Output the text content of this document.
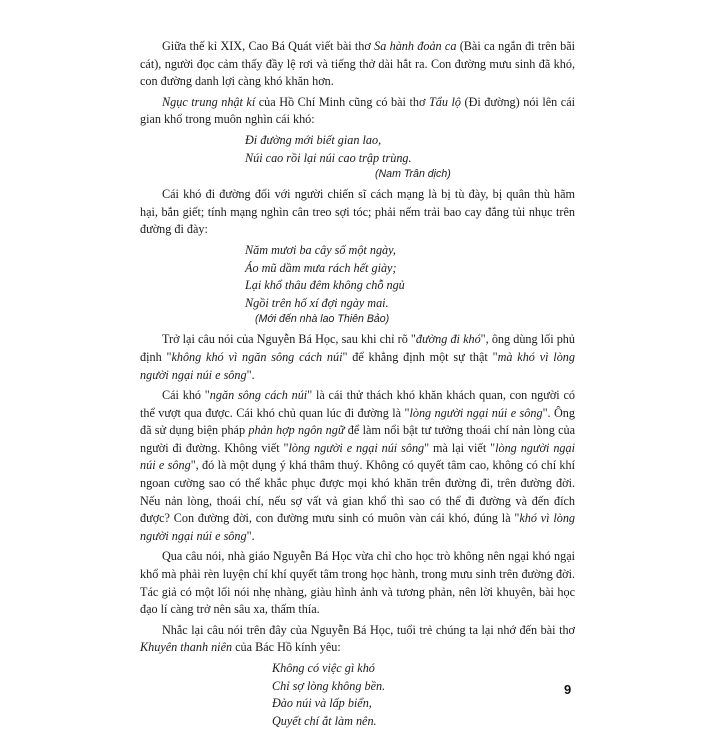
Giữa thế kỉ XIX, Cao Bá Quát viết bài thơ Sa hành đoản ca (Bài ca ngắn đi trên bãi cát), người đọc cảm thấy đầy lệ rơi và tiếng thở dài hắt ra. Con đường mưu sinh đã khó, con đường danh lợi càng khó khăn hơn.

Ngục trung nhật kí của Hồ Chí Minh cũng có bài thơ Tẩu lộ (Đi đường) nói lên cái gian khổ trong muôn nghìn cái khó:

Đi đường mới biết gian lao,
Núi cao rồi lại núi cao trập trùng.
(Nam Trân dịch)

Cái khó đi đường đối với người chiến sĩ cách mạng là bị tù đày, bị quân thù hãm hại, bắn giết; tính mạng nghìn cân treo sợi tóc; phải nếm trải bao cay đắng tủi nhục trên đường đi đày:

Năm mươi ba cây số một ngày,
Áo mũ dầm mưa rách hết giày;
Lại khổ thâu đêm không chỗ ngủ
Ngồi trên hố xí đợi ngày mai.
(Mới đến nhà lao Thiên Bảo)

Trở lại câu nói của Nguyễn Bá Học, sau khi chỉ rõ "đường đi khó", ông dùng lối phủ định "không khó vì ngăn sông cách núi" để khẳng định một sự thật "mà khó vì lòng người ngại núi e sông".

Cái khó "ngăn sông cách núi" là cái thử thách khó khăn khách quan, con người có thể vượt qua được. Cái khó chủ quan lúc đi đường là "lòng người ngại núi e sông". Ông đã sử dụng biện pháp phản hợp ngôn ngữ để làm nổi bật tư tưởng thoái chí nản lòng của người đi đường. Không viết "lòng người e ngại núi sông" mà lại viết "lòng người ngại núi e sông", đó là một dụng ý khá thâm thuý. Không có quyết tâm cao, không có chí khí ngoan cường sao có thể khắc phục được mọi khó khăn trên đường đi, trên đường đời. Nếu nản lòng, thoái chí, nếu sợ vất vả gian khổ thì sao có thể đi đường và đến đích được? Con đường đời, con đường mưu sinh có muôn vàn cái khó, đúng là "khó vì lòng người ngại núi e sông".

Qua câu nói, nhà giáo Nguyễn Bá Học vừa chỉ cho học trò không nên ngại khó ngại khổ mà phải rèn luyện chí khí quyết tâm trong học hành, trong mưu sinh trên đường đời. Tác giả có một lối nói nhẹ nhàng, giàu hình ảnh và tương phản, nên lời khuyên, bài học đạo lí càng trở nên sâu xa, thấm thía.

Nhắc lại câu nói trên đây của Nguyễn Bá Học, tuổi trẻ chúng ta lại nhớ đến bài thơ Khuyên thanh niên của Bác Hồ kính yêu:

Không có việc gì khó
Chỉ sợ lòng không bền.
Đào núi và lấp biển,
Quyết chí ắt làm nên.
9
